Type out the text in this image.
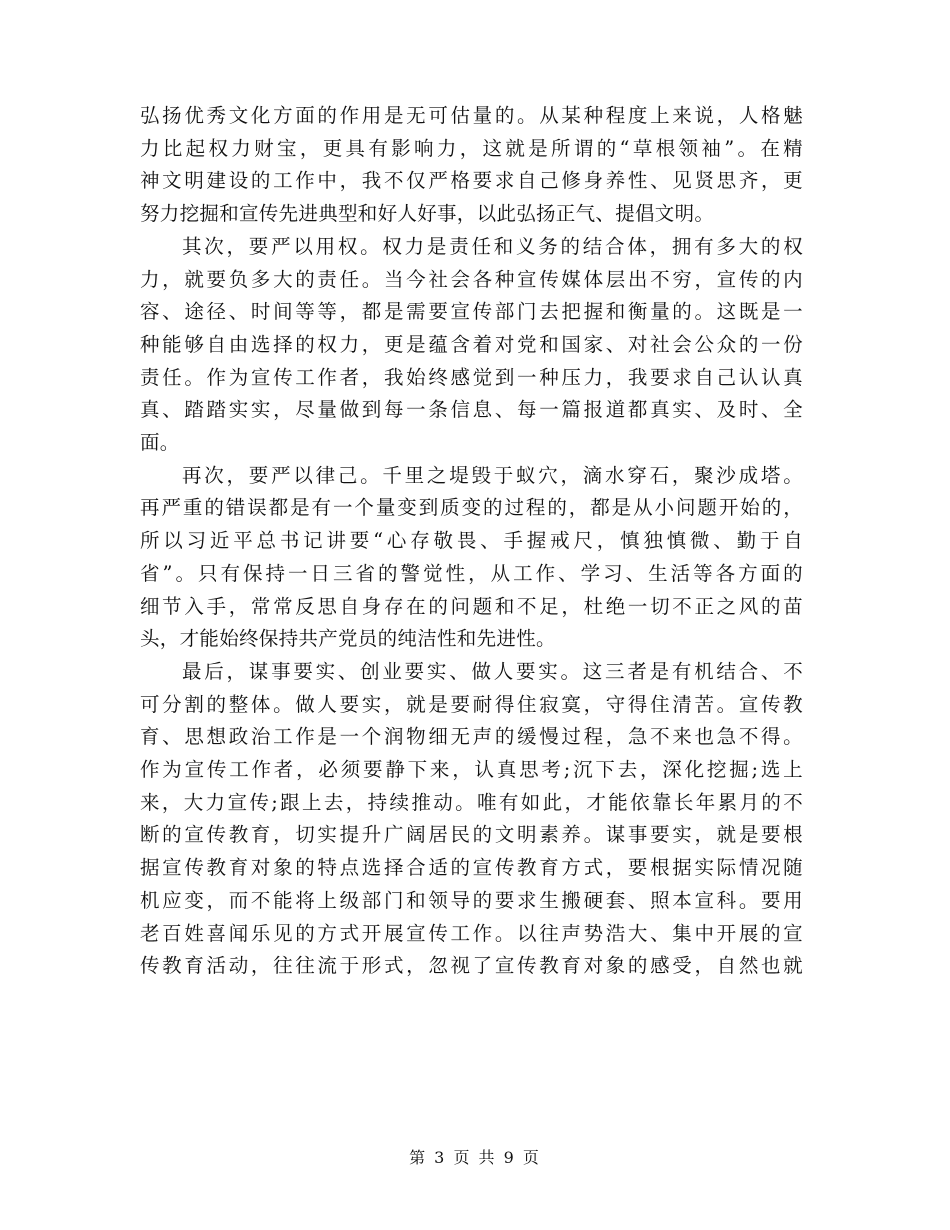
弘扬优秀文化方面的作用是无可估量的。从某种程度上来说，人格魅
力比起权力财宝，更具有影响力，这就是所谓的“草根领袖”。在精
神文明建设的工作中，我不仅严格要求自己修身养性、见贤思齐，更
努力挖掘和宣传先进典型和好人好事，以此弘扬正气、提倡文明。
其次，要严以用权。权力是责任和义务的结合体，拥有多大的权
力，就要负多大的责任。当今社会各种宣传媒体层出不穷，宣传的内
容、途径、时间等等，都是需要宣传部门去把握和衡量的。这既是一
种能够自由选择的权力，更是蕴含着对党和国家、对社会公众的一份
责任。作为宣传工作者，我始终感觉到一种压力，我要求自己认认真
真、踏踏实实，尽量做到每一条信息、每一篇报道都真实、及时、全
面。
再次，要严以律己。千里之堤毁于蚁穴，滴水穿石，聚沙成塔。
再严重的错误都是有一个量变到质变的过程的，都是从小问题开始的，
所以习近平总书记讲要“心存敬畏、手握戒尺，慎独慎微、勤于自
省”。只有保持一日三省的警觉性，从工作、学习、生活等各方面的
细节入手，常常反思自身存在的问题和不足，杜绝一切不正之风的苗
头，才能始终保持共产党员的纯洁性和先进性。
最后，谋事要实、创业要实、做人要实。这三者是有机结合、不
可分割的整体。做人要实，就是要耐得住寂寞，守得住清苦。宣传教
育、思想政治工作是一个润物细无声的缓慢过程，急不来也急不得。
作为宣传工作者，必须要静下来，认真思考;沉下去，深化挖掘;选上
来，大力宣传;跟上去，持续推动。唯有如此，才能依靠长年累月的不
断的宣传教育，切实提升广阔居民的文明素养。谋事要实，就是要根
据宣传教育对象的特点选择合适的宣传教育方式，要根据实际情况随
机应变，而不能将上级部门和领导的要求生搬硬套、照本宣科。要用
老百姓喜闻乐见的方式开展宣传工作。以往声势浩大、集中开展的宣
传教育活动，往往流于形式，忽视了宣传教育对象的感受，自然也就
第 3 页 共 9 页
